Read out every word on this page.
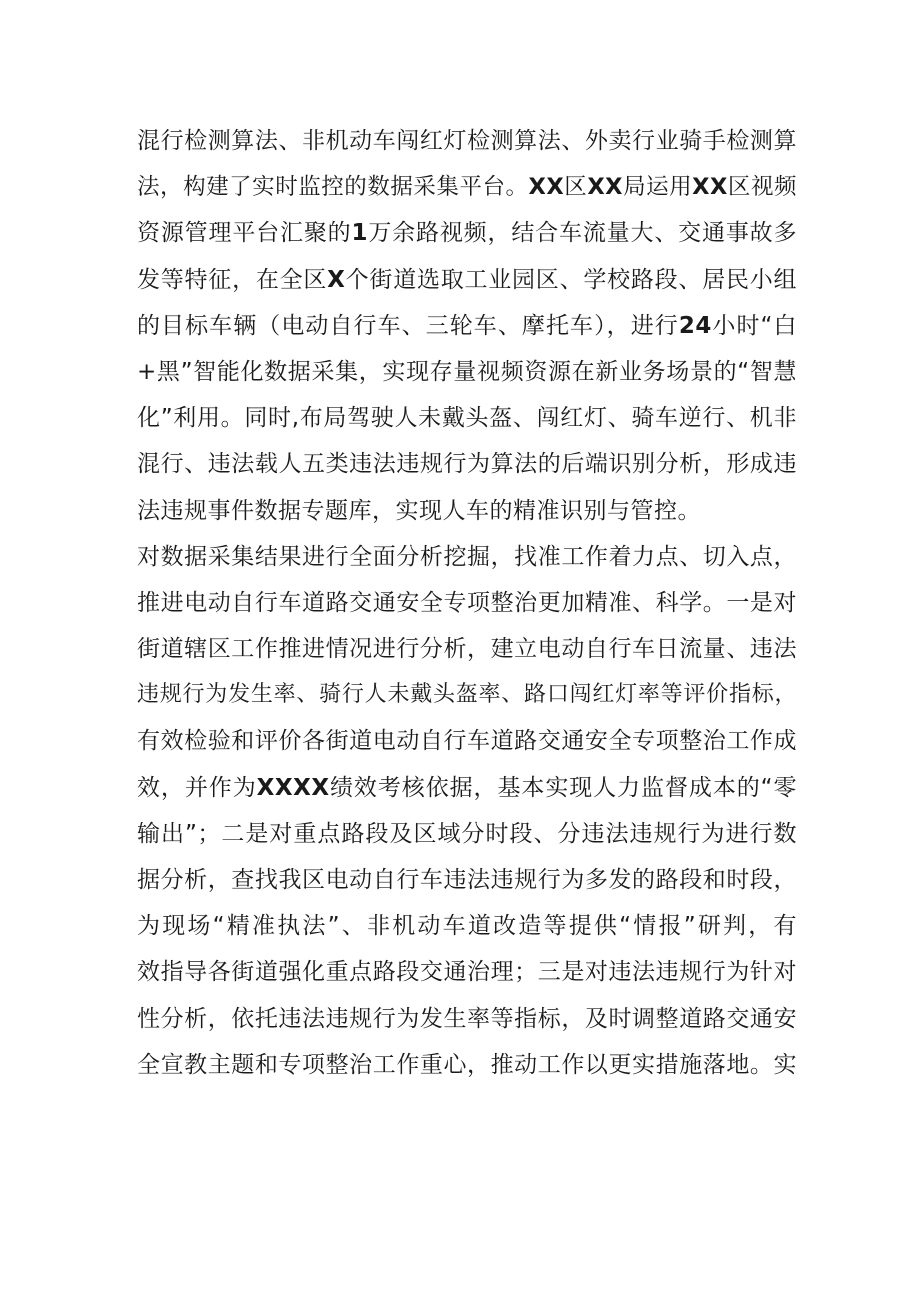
混行检测算法、非机动车闯红灯检测算法、外卖行业骑手检测算
法，构建了实时监控的数据采集平台。XX区XX局运用XX区视频
资源管理平台汇聚的1万余路视频，结合车流量大、交通事故多
发等特征，在全区X个街道选取工业园区、学校路段、居民小组
的目标车辆（电动自行车、三轮车、摩托车），进行24小时“白
+黑”智能化数据采集，实现存量视频资源在新业务场景的“智慧
化”利用。同时,布局驾驶人未戴头盔、闯红灯、骑车逆行、机非
混行、违法载人五类违法违规行为算法的后端识别分析，形成违
法违规事件数据专题库，实现人车的精准识别与管控。
对数据采集结果进行全面分析挖掘，找准工作着力点、切入点，
推进电动自行车道路交通安全专项整治更加精准、科学。一是对
街道辖区工作推进情况进行分析，建立电动自行车日流量、违法
违规行为发生率、骑行人未戴头盔率、路口闯红灯率等评价指标，
有效检验和评价各街道电动自行车道路交通安全专项整治工作成
效，并作为XXXX绩效考核依据，基本实现人力监督成本的“零
输出”；二是对重点路段及区域分时段、分违法违规行为进行数
据分析，查找我区电动自行车违法违规行为多发的路段和时段，
为现场“精准执法”、非机动车道改造等提供“情报”研判，有
效指导各街道强化重点路段交通治理；三是对违法违规行为针对
性分析，依托违法违规行为发生率等指标，及时调整道路交通安
全宣教主题和专项整治工作重心，推动工作以更实措施落地。实
